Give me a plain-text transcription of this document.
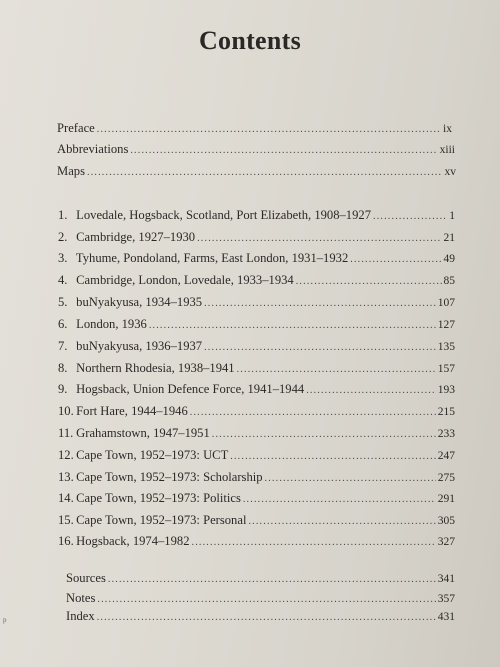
Contents
Preface .....	ix
Abbreviations .....	xiii
Maps .....	xv
1. Lovedale, Hogsback, Scotland, Port Elizabeth, 1908–1927 .....	1
2. Cambridge, 1927–1930 .....	21
3. Tyhume, Pondoland, Farms, East London, 1931–1932 .....	49
4. Cambridge, London, Lovedale, 1933–1934 .....	85
5. buNyakyusa, 1934–1935 .....	107
6. London, 1936 .....	127
7. buNyakyusa, 1936–1937 .....	135
8. Northern Rhodesia, 1938–1941 .....	157
9. Hogsback, Union Defence Force, 1941–1944 .....	193
10. Fort Hare, 1944–1946 .....	215
11. Grahamstown, 1947–1951 .....	233
12. Cape Town, 1952–1973: UCT .....	247
13. Cape Town, 1952–1973: Scholarship .....	275
14. Cape Town, 1952–1973: Politics .....	291
15. Cape Town, 1952–1973: Personal .....	305
16. Hogsback, 1974–1982 .....	327
Sources .....	341
Notes .....	357
Index .....	431
p
